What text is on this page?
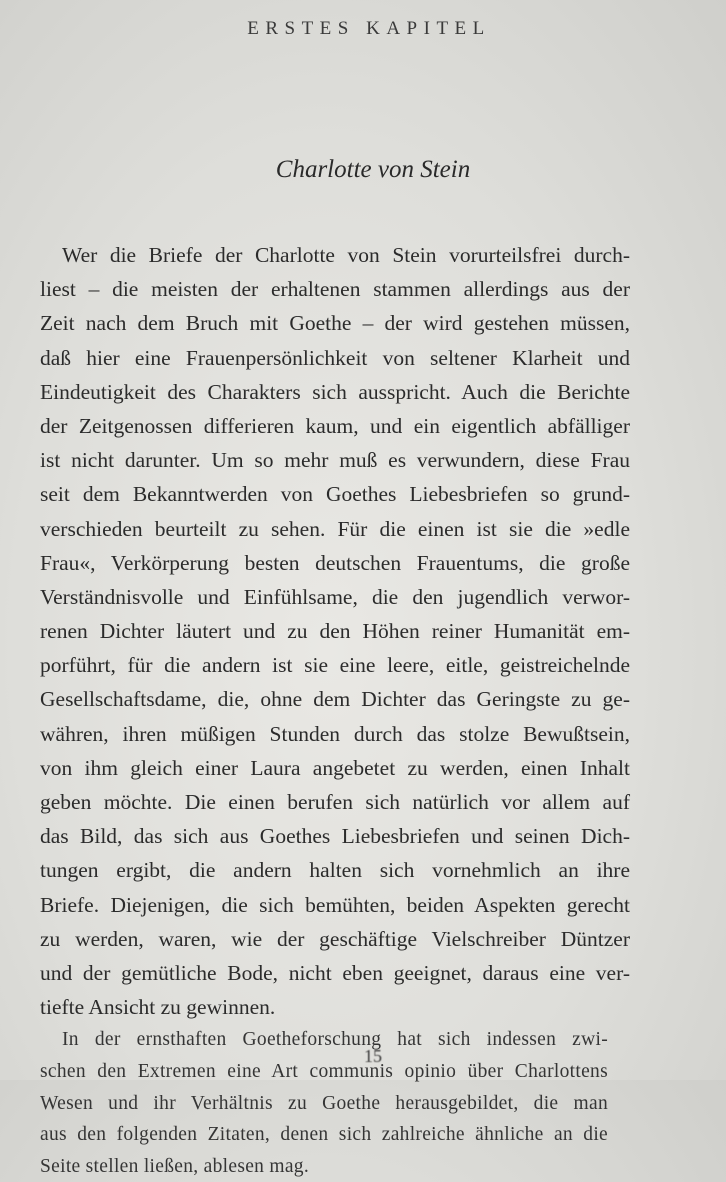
ERSTES KAPITEL
Charlotte von Stein
Wer die Briefe der Charlotte von Stein vorurteilsfrei durch-
liest – die meisten der erhaltenen stammen allerdings aus der
Zeit nach dem Bruch mit Goethe – der wird gestehen müssen,
daß hier eine Frauenpersönlichkeit von seltener Klarheit und
Eindeutigkeit des Charakters sich ausspricht. Auch die Berichte
der Zeitgenossen differieren kaum, und ein eigentlich abfälliger
ist nicht darunter. Um so mehr muß es verwundern, diese Frau
seit dem Bekanntwerden von Goethes Liebesbriefen so grund-
verschieden beurteilt zu sehen. Für die einen ist sie die »edle
Frau«, Verkörperung besten deutschen Frauentums, die große
Verständnisvolle und Einfühlsame, die den jugendlich verwor-
renen Dichter läutert und zu den Höhen reiner Humanität em-
porführt, für die andern ist sie eine leere, eitle, geistreichelnde
Gesellschaftsdame, die, ohne dem Dichter das Geringste zu ge-
währen, ihren müßigen Stunden durch das stolze Bewußtsein,
von ihm gleich einer Laura angebetet zu werden, einen Inhalt
geben möchte. Die einen berufen sich natürlich vor allem auf
das Bild, das sich aus Goethes Liebesbriefen und seinen Dich-
tungen ergibt, die andern halten sich vornehmlich an ihre
Briefe. Diejenigen, die sich bemühten, beiden Aspekten gerecht
zu werden, waren, wie der geschäftige Vielschreiber Düntzer
und der gemütliche Bode, nicht eben geeignet, daraus eine ver-
tiefte Ansicht zu gewinnen.
In der ernsthaften Goetheforschung hat sich indessen zwi-
schen den Extremen eine Art communis opinio über Charlottens
Wesen und ihr Verhältnis zu Goethe herausgebildet, die man
aus den folgenden Zitaten, denen sich zahlreiche ähnliche an die
Seite stellen ließen, ablesen mag.
15
